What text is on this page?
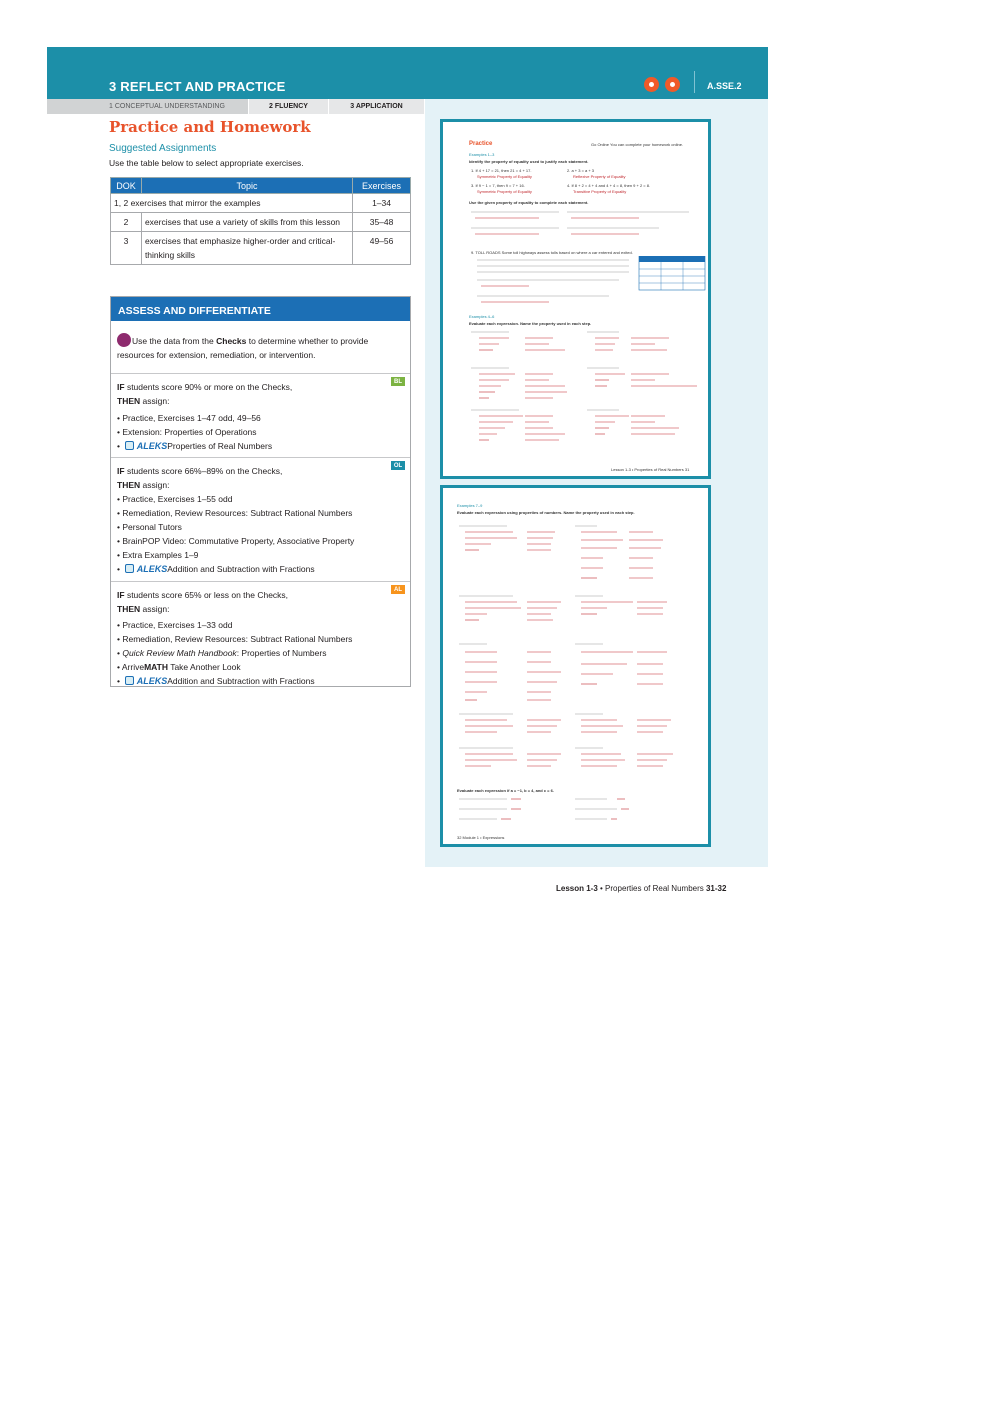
3 REFLECT AND PRACTICE	A.SSE.2
1 CONCEPTUAL UNDERSTANDING	2 FLUENCY	3 APPLICATION
Practice and Homework
Suggested Assignments
Use the table below to select appropriate exercises.
DOK	Topic	Exercises
1, 2 exercises that mirror the examples		1–34
2	exercises that use a variety of skills from this lesson	35–48
3	exercises that emphasize higher-order and critical-thinking skills	49–56
ASSESS AND DIFFERENTIATE
Use the data from the Checks to determine whether to provide resources for extension, remediation, or intervention.
BL
IF students score 90% or more on the Checks,
THEN assign:
• Practice, Exercises 1–47 odd, 49–56
• Extension: Properties of Operations
•  ALEKSProperties of Real Numbers
OL
IF students score 66%–89% on the Checks,
THEN assign:
• Practice, Exercises 1–55 odd
• Remediation, Review Resources: Subtract Rational Numbers
• Personal Tutors
• BrainPOP Video: Commutative Property, Associative Property
• Extra Examples 1–9
•  ALEKSAddition and Subtraction with Fractions
AL
IF students score 65% or less on the Checks,
THEN assign:
• Practice, Exercises 1–33 odd
• Remediation, Review Resources: Subtract Rational Numbers
• Quick Review Math Handbook: Properties of Numbers
• ArriveMATH Take Another Look
•  ALEKSAddition and Subtraction with Fractions
Practice	Go Online You can complete your homework online.
Examples 1–3
Identify the property of equality used to justify each statement.
1. If 4 + 17 = 21, then 21 = 4 + 17.
Symmetric Property of Equality
2. a + 3 = a + 3
Reflexive Property of Equality
3. If 9 − 1 = 7, then 9 = 7 + 16.
Symmetric Property of Equality
4. If 8 + 2 = 4 + 4 and 4 + 4 = 8, then 9 + 2 = 8.
Transitive Property of Equality
Use the given property of equality to complete each statement.
9. TOLL ROADS Some toll highways assess tolls based on where a car entered and exited.
Examples 4–6
Evaluate each expression. Name the property used in each step.
Lesson 1-3 • Properties of Real Numbers 31
Examples 7–9
Evaluate each expression using properties of numbers. Name the property used in each step.
Evaluate each expression if a = −1, b = 4, and c = 6.
32 Module 1 • Expressions
Lesson 1-3 • Properties of Real Numbers 31-32
